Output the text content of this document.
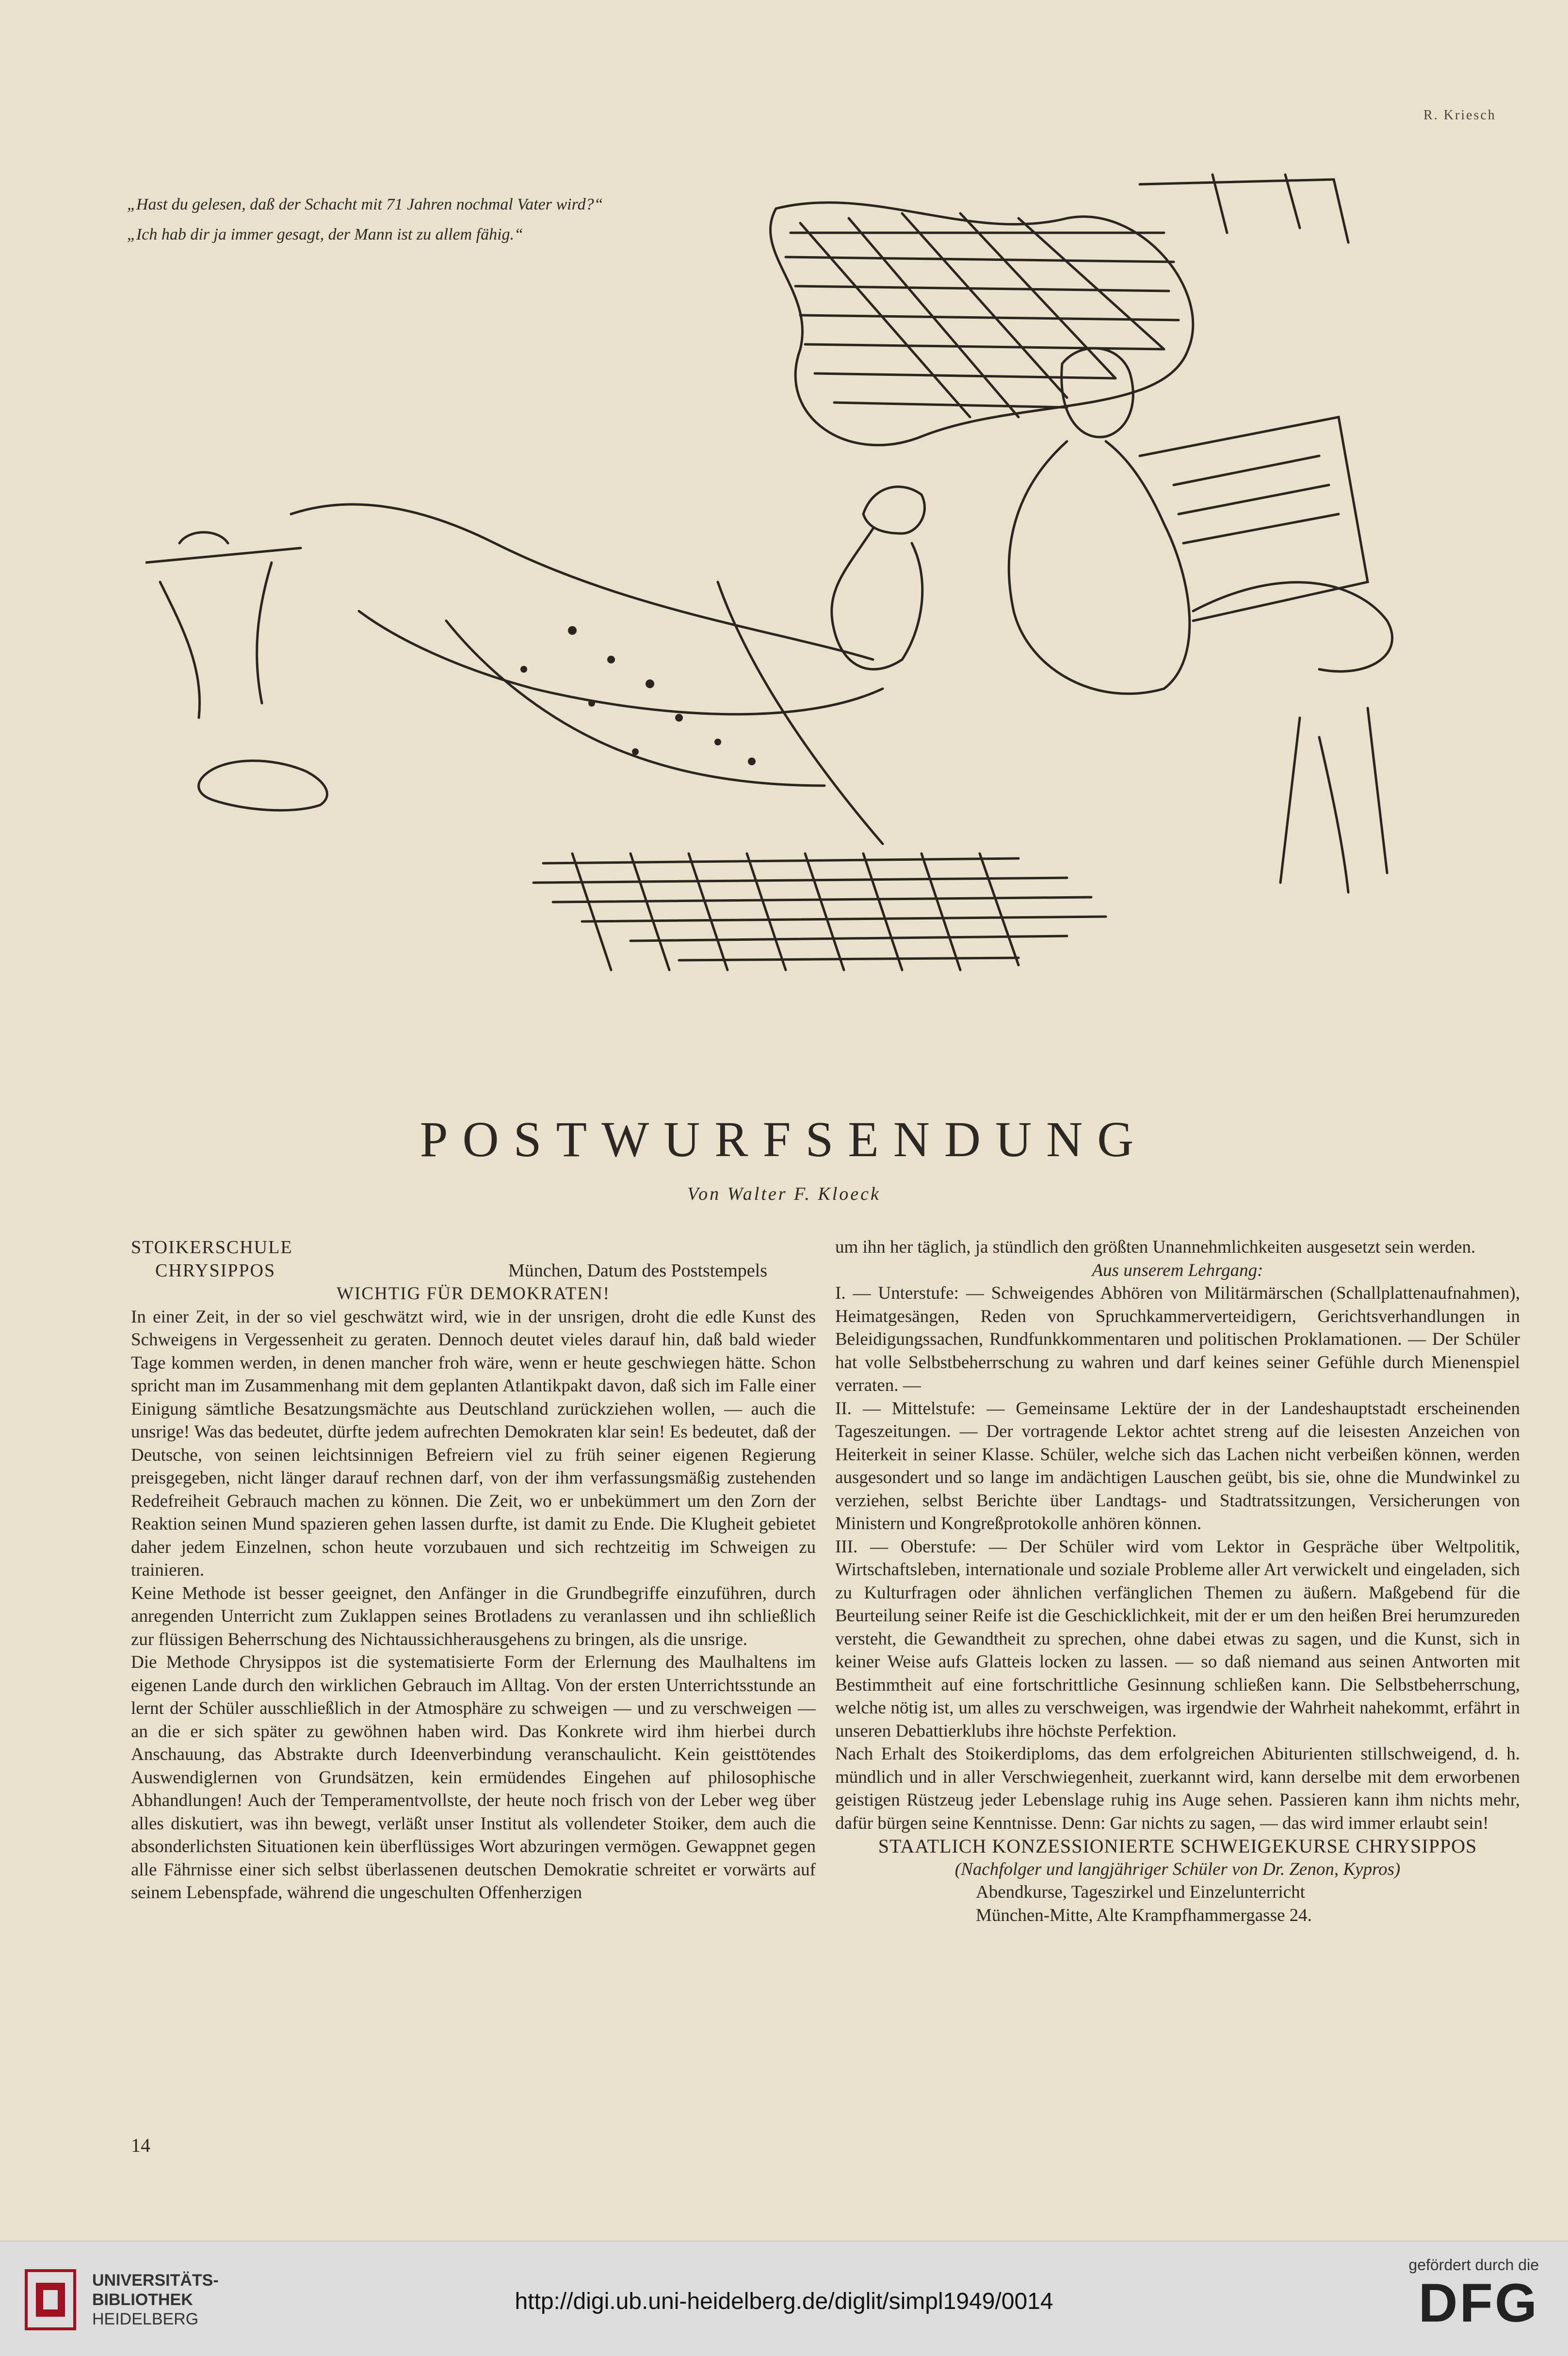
R. Kriesch

„Hast du gelesen, daß der Schacht mit 71 Jahren nochmal Vater wird?“

„Ich hab dir ja immer gesagt, der Mann ist zu allem fähig.“

POSTWURFSENDUNG
Von Walter F. Kloeck
STOIKERSCHULE
CHRYSIPPOS	München, Datum des Poststempels

WICHTIG FÜR DEMOKRATEN!

In einer Zeit, in der so viel geschwätzt wird, wie in der unsrigen, droht die edle Kunst des Schweigens in Vergessenheit zu geraten. Dennoch deutet vieles darauf hin, daß bald wieder Tage kommen werden, in denen mancher froh wäre, wenn er heute geschwiegen hätte. Schon spricht man im Zusammenhang mit dem geplanten Atlantikpakt davon, daß sich im Falle einer Einigung sämtliche Besatzungsmächte aus Deutschland zurückziehen wollen, — auch die unsrige! Was das bedeutet, dürfte jedem aufrechten Demokraten klar sein! Es bedeutet, daß der Deutsche, von seinen leichtsinnigen Befreiern viel zu früh seiner eigenen Regierung preisgegeben, nicht länger darauf rechnen darf, von der ihm verfassungsmäßig zustehenden Redefreiheit Gebrauch machen zu können. Die Zeit, wo er unbekümmert um den Zorn der Reaktion seinen Mund spazieren gehen lassen durfte, ist damit zu Ende. Die Klugheit gebietet daher jedem Einzelnen, schon heute vorzubauen und sich rechtzeitig im Schweigen zu trainieren.

Keine Methode ist besser geeignet, den Anfänger in die Grundbegriffe einzuführen, durch anregenden Unterricht zum Zuklappen seines Brotladens zu veranlassen und ihn schließlich zur flüssigen Beherrschung des Nichtaussichherausgehens zu bringen, als die unsrige.

Die Methode Chrysippos ist die systematisierte Form der Erlernung des Maulhaltens im eigenen Lande durch den wirklichen Gebrauch im Alltag. Von der ersten Unterrichtsstunde an lernt der Schüler ausschließlich in der Atmosphäre zu schweigen — und zu verschweigen — an die er sich später zu gewöhnen haben wird. Das Konkrete wird ihm hierbei durch Anschauung, das Abstrakte durch Ideenverbindung veranschaulicht. Kein geisttötendes Auswendiglernen von Grundsätzen, kein ermüdendes Eingehen auf philosophische Abhandlungen! Auch der Temperamentvollste, der heute noch frisch von der Leber weg über alles diskutiert, was ihn bewegt, verläßt unser Institut als vollendeter Stoiker, dem auch die absonderlichsten Situationen kein überflüssiges Wort abzuringen vermögen. Gewappnet gegen alle Fährnisse einer sich selbst überlassenen deutschen Demokratie schreitet er vorwärts auf seinem Lebenspfade, während die ungeschulten Offenherzigen

um ihn her täglich, ja stündlich den größten Unannehmlichkeiten ausgesetzt sein werden.

Aus unserem Lehrgang:

I. — Unterstufe: — Schweigendes Abhören von Militärmärschen (Schallplattenaufnahmen), Heimatgesängen, Reden von Spruchkammerverteidigern, Gerichtsverhandlungen in Beleidigungssachen, Rundfunkkommentaren und politischen Proklamationen. — Der Schüler hat volle Selbstbeherrschung zu wahren und darf keines seiner Gefühle durch Mienenspiel verraten. —

II. — Mittelstufe: — Gemeinsame Lektüre der in der Landeshauptstadt erscheinenden Tageszeitungen. — Der vortragende Lektor achtet streng auf die leisesten Anzeichen von Heiterkeit in seiner Klasse. Schüler, welche sich das Lachen nicht verbeißen können, werden ausgesondert und so lange im andächtigen Lauschen geübt, bis sie, ohne die Mundwinkel zu verziehen, selbst Berichte über Landtags- und Stadtratssitzungen, Versicherungen von Ministern und Kongreßprotokolle anhören können.

III. — Oberstufe: — Der Schüler wird vom Lektor in Gespräche über Weltpolitik, Wirtschaftsleben, internationale und soziale Probleme aller Art verwickelt und eingeladen, sich zu Kulturfragen oder ähnlichen verfänglichen Themen zu äußern. Maßgebend für die Beurteilung seiner Reife ist die Geschicklichkeit, mit der er um den heißen Brei herumzureden versteht, die Gewandtheit zu sprechen, ohne dabei etwas zu sagen, und die Kunst, sich in keiner Weise aufs Glatteis locken zu lassen. — so daß niemand aus seinen Antworten mit Bestimmtheit auf eine fortschrittliche Gesinnung schließen kann. Die Selbstbeherrschung, welche nötig ist, um alles zu verschweigen, was irgendwie der Wahrheit nahekommt, erfährt in unseren Debattierklubs ihre höchste Perfektion.

Nach Erhalt des Stoikerdiploms, das dem erfolgreichen Abiturienten stillschweigend, d. h. mündlich und in aller Verschwiegenheit, zuerkannt wird, kann derselbe mit dem erworbenen geistigen Rüstzeug jeder Lebenslage ruhig ins Auge sehen. Passieren kann ihm nichts mehr, dafür bürgen seine Kenntnisse. Denn: Gar nichts zu sagen, — das wird immer erlaubt sein!

STAATLICH KONZESSIONIERTE SCHWEIGEKURSE CHRYSIPPOS

(Nachfolger und langjähriger Schüler von Dr. Zenon, Kypros)

Abendkurse, Tageszirkel und Einzelunterricht

München-Mitte, Alte Krampfhammergasse 24.

14
UNIVERSITÄTS-
BIBLIOTHEK
HEIDELBERG
http://digi.ub.uni-heidelberg.de/diglit/simpl1949/0014
gefördert durch die
DFG
